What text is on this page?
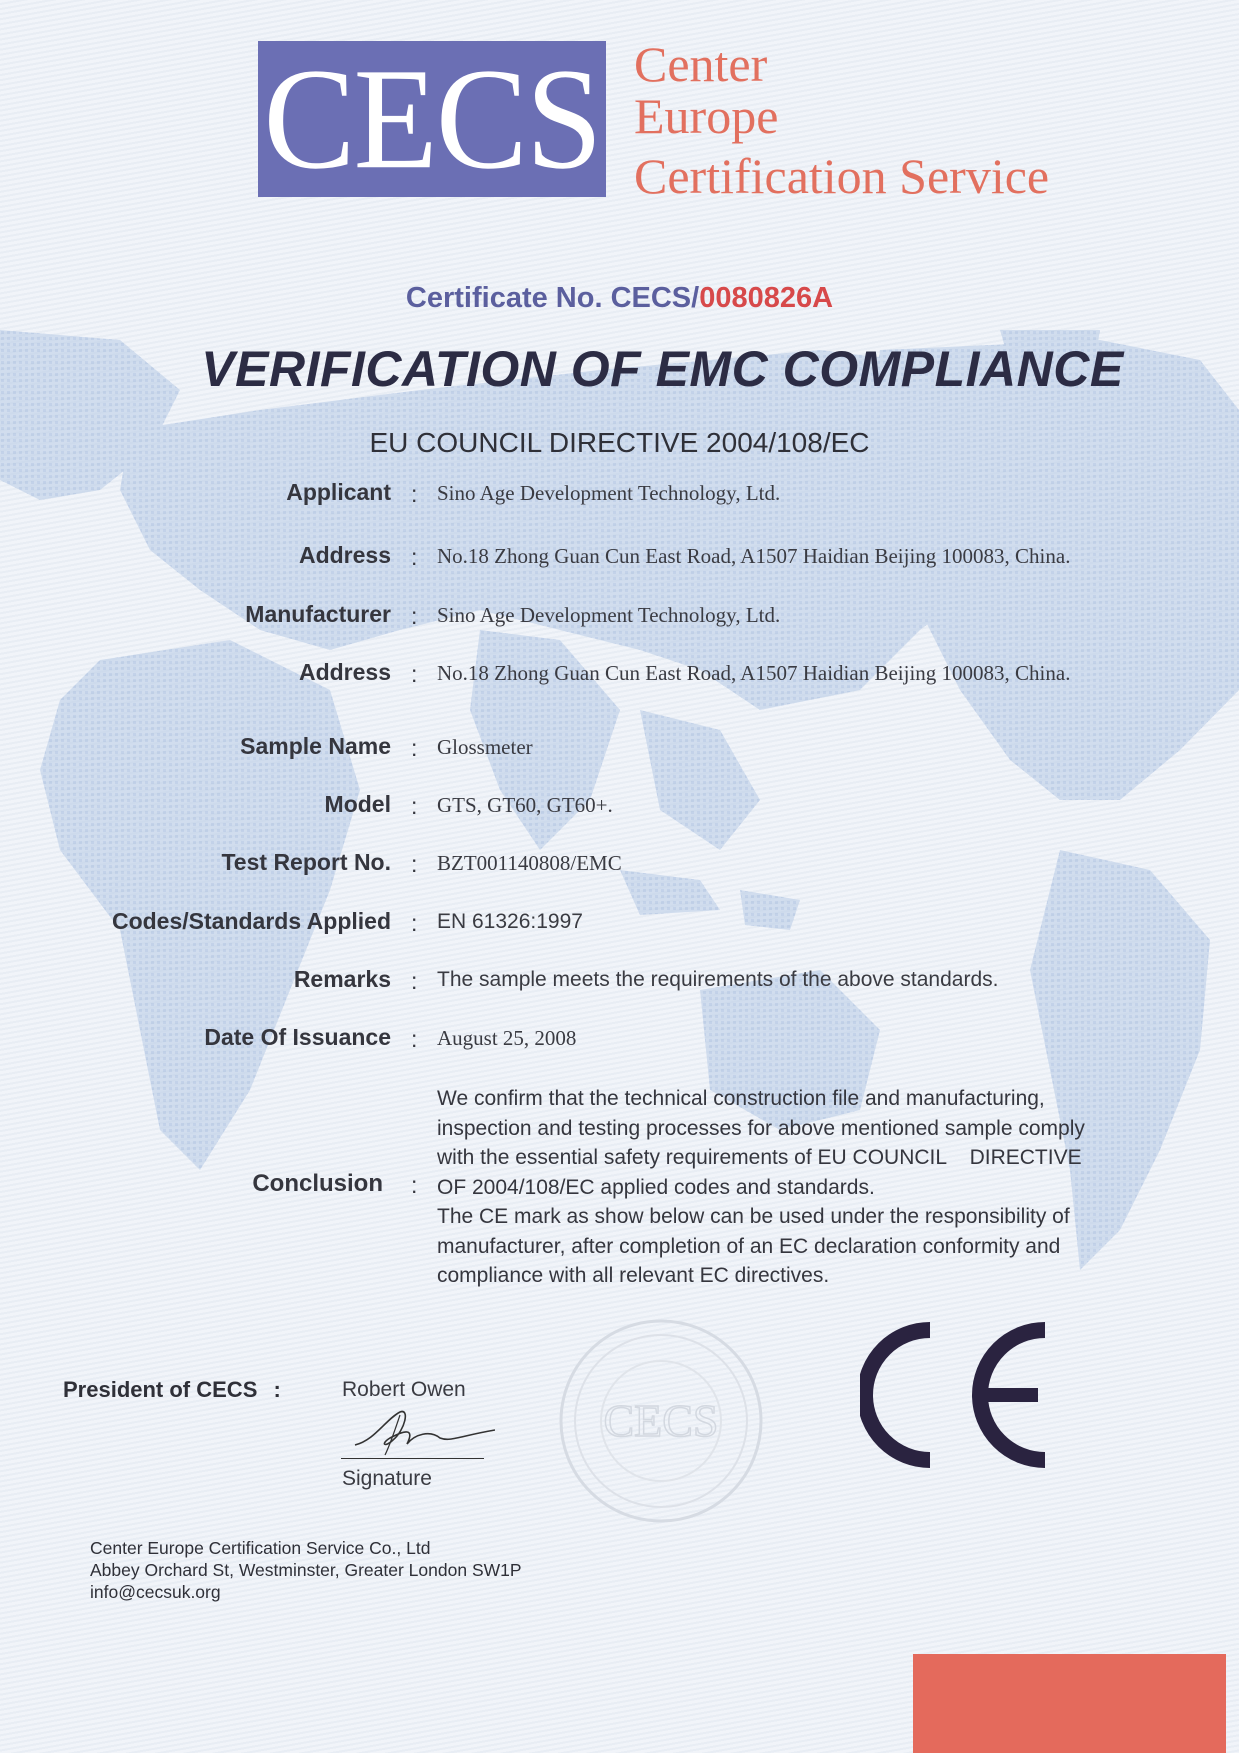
CECS Center
Europe
Certification Service
Certificate No. CECS/0080826A
VERIFICATION OF EMC COMPLIANCE
EU COUNCIL DIRECTIVE 2004/108/EC
Applicant : Sino Age Development Technology, Ltd.
Address : No.18 Zhong Guan Cun East Road, A1507 Haidian Beijing 100083, China.
Manufacturer : Sino Age Development Technology, Ltd.
Address : No.18 Zhong Guan Cun East Road, A1507 Haidian Beijing 100083, China.
Sample Name : Glossmeter
Model : GTS, GT60, GT60+.
Test Report No. : BZT001140808/EMC
Codes/Standards Applied : EN 61326:1997
Remarks : The sample meets the requirements of the above standards.
Date Of Issuance : August 25, 2008
Conclusion :

We confirm that the technical construction file and manufacturing,

inspection and testing processes for above mentioned sample comply

with the essential safety requirements of EU COUNCIL    DIRECTIVE

OF 2004/108/EC applied codes and standards.

The CE mark as show below can be used under the responsibility of

manufacturer, after completion of an EC declaration conformity and

compliance with all relevant EC directives.

President of CECS :	Robert Owen
Signature
CECS
Center Europe Certification Service Co., Ltd
Abbey Orchard St, Westminster, Greater London SW1P
info@cecsuk.org
